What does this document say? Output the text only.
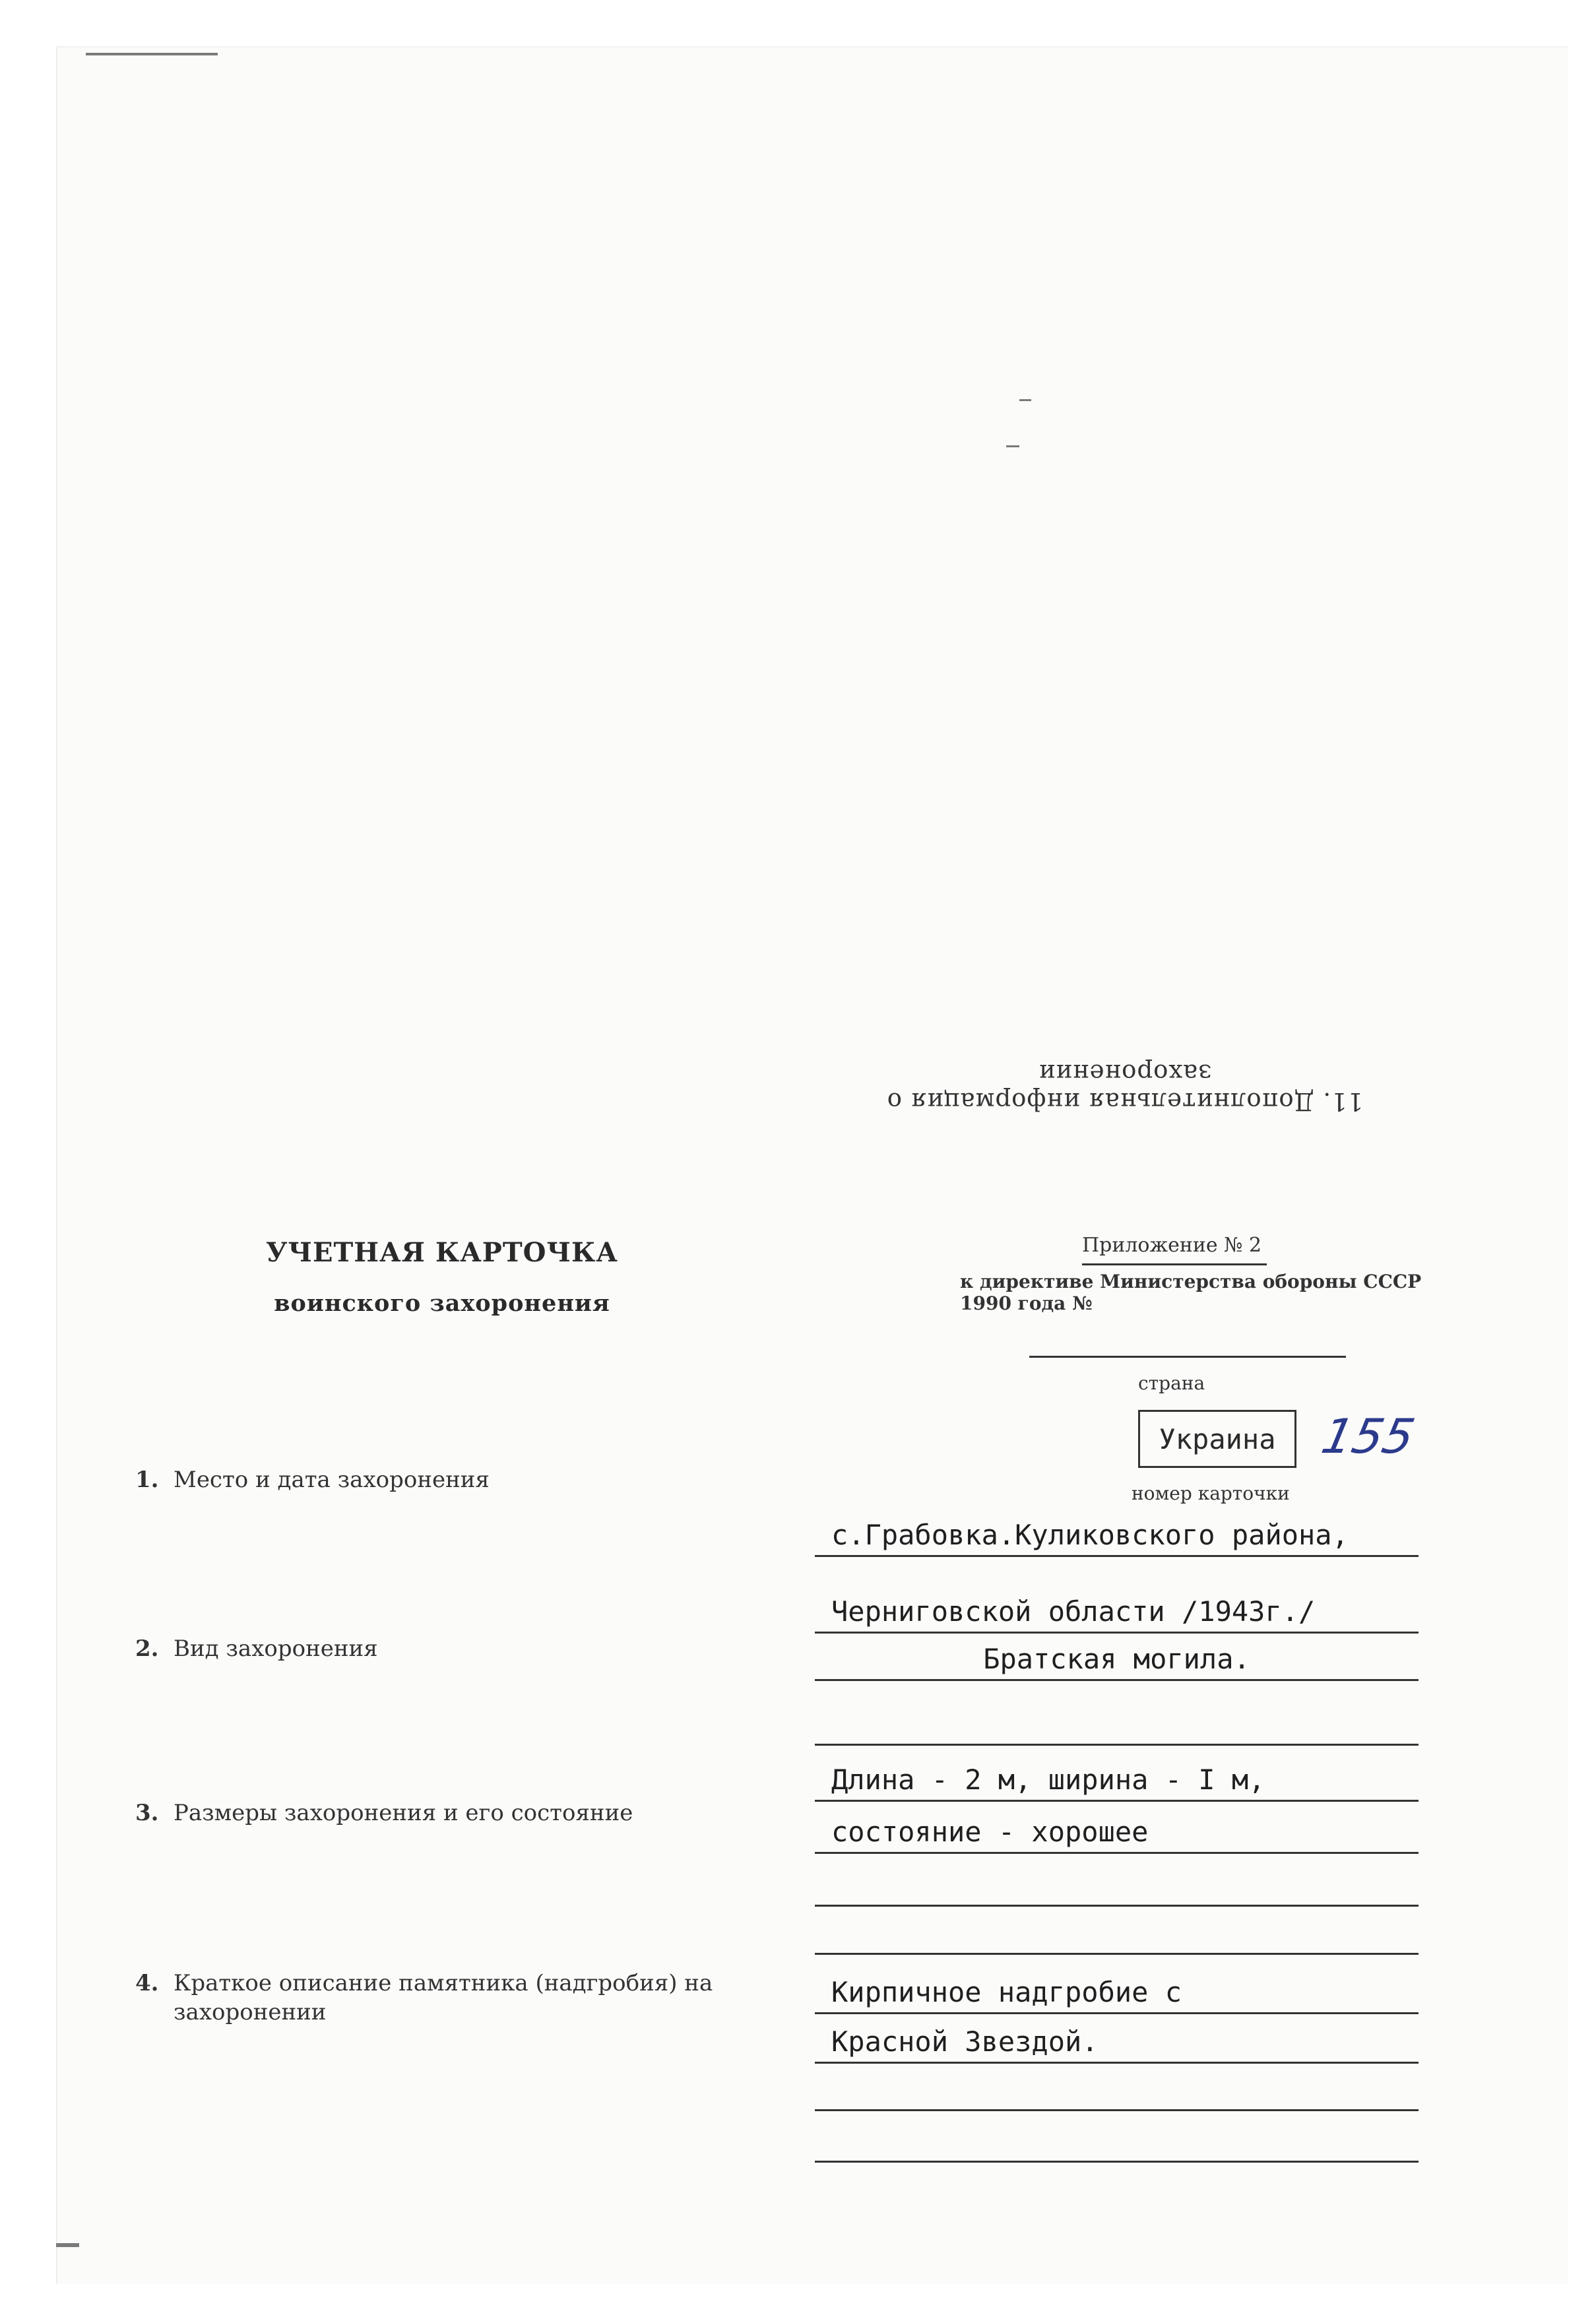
11. Дополнительная информация о захоронении
УЧЕТНАЯ КАРТОЧКА
воинского захоронения
Приложение № 2
к директиве Министерства обороны СССР
1990 года №
страна
Украина 155
номер карточки
1. Место и дата захоронения
с.Грабовка.Куликовского района,
Черниговской области /1943г./
2. Вид захоронения	Братская могила.
3. Размеры захоронения и его состояние
Длина - 2 м, ширина - I м,
состояние - хорошее
4. Краткое описание памятника (надгробия) на
захоронении
Кирпичное надгробие с
Красной Звездой.
